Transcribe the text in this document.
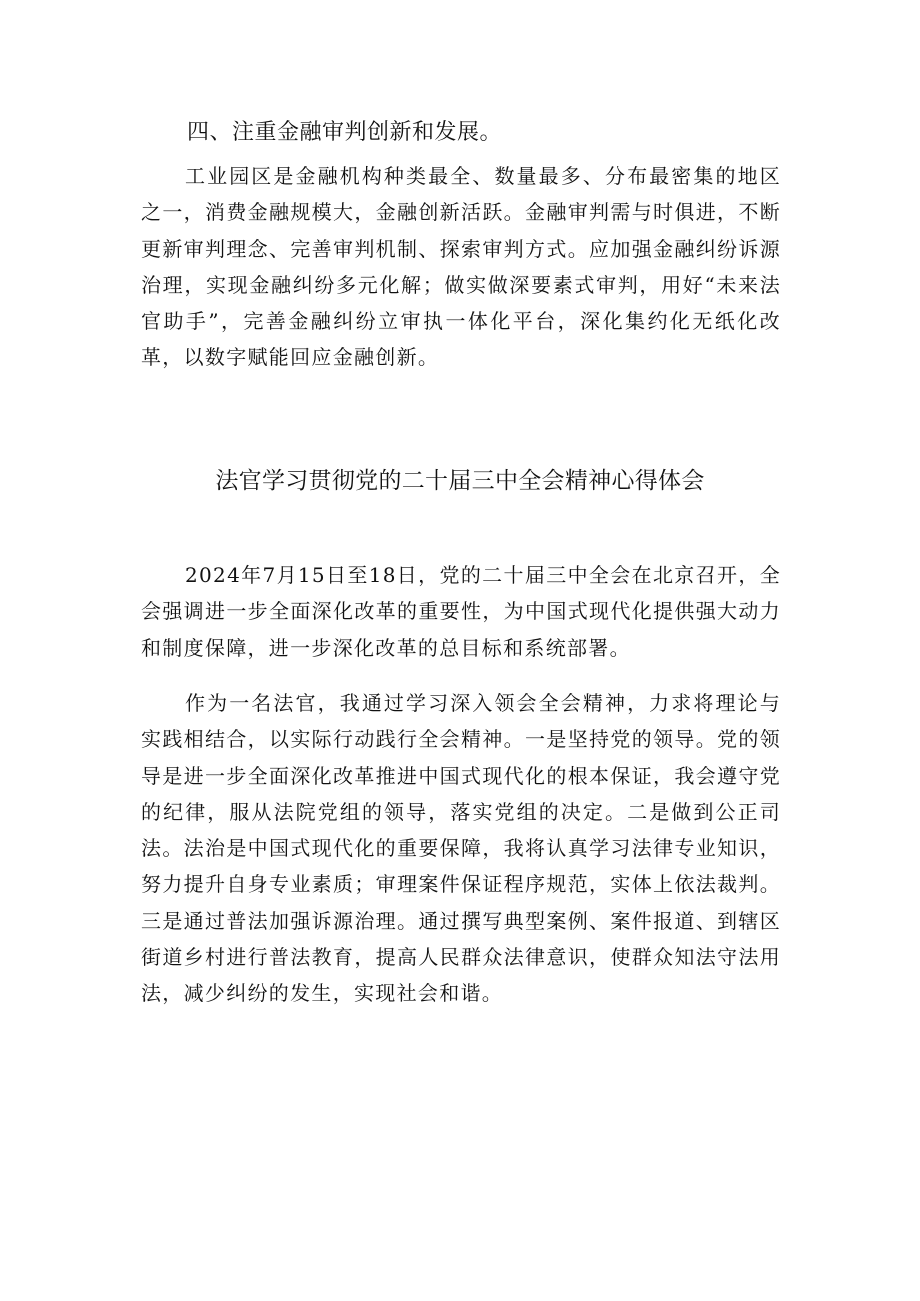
四、注重金融审判创新和发展。

工业园区是金融机构种类最全、数量最多、分布最密集的地区之一，消费金融规模大，金融创新活跃。金融审判需与时俱进，不断更新审判理念、完善审判机制、探索审判方式。应加强金融纠纷诉源治理，实现金融纠纷多元化解；做实做深要素式审判，用好“未来法官助手”，完善金融纠纷立审执一体化平台，深化集约化无纸化改革，以数字赋能回应金融创新。

法官学习贯彻党的二十届三中全会精神心得体会

2024年7月15日至18日，党的二十届三中全会在北京召开，全会强调进一步全面深化改革的重要性，为中国式现代化提供强大动力和制度保障，进一步深化改革的总目标和系统部署。

作为一名法官，我通过学习深入领会全会精神，力求将理论与实践相结合，以实际行动践行全会精神。一是坚持党的领导。党的领导是进一步全面深化改革推进中国式现代化的根本保证，我会遵守党的纪律，服从法院党组的领导，落实党组的决定。二是做到公正司法。法治是中国式现代化的重要保障，我将认真学习法律专业知识，努力提升自身专业素质；审理案件保证程序规范，实体上依法裁判。三是通过普法加强诉源治理。通过撰写典型案例、案件报道、到辖区街道乡村进行普法教育，提高人民群众法律意识，使群众知法守法用法，减少纠纷的发生，实现社会和谐。
